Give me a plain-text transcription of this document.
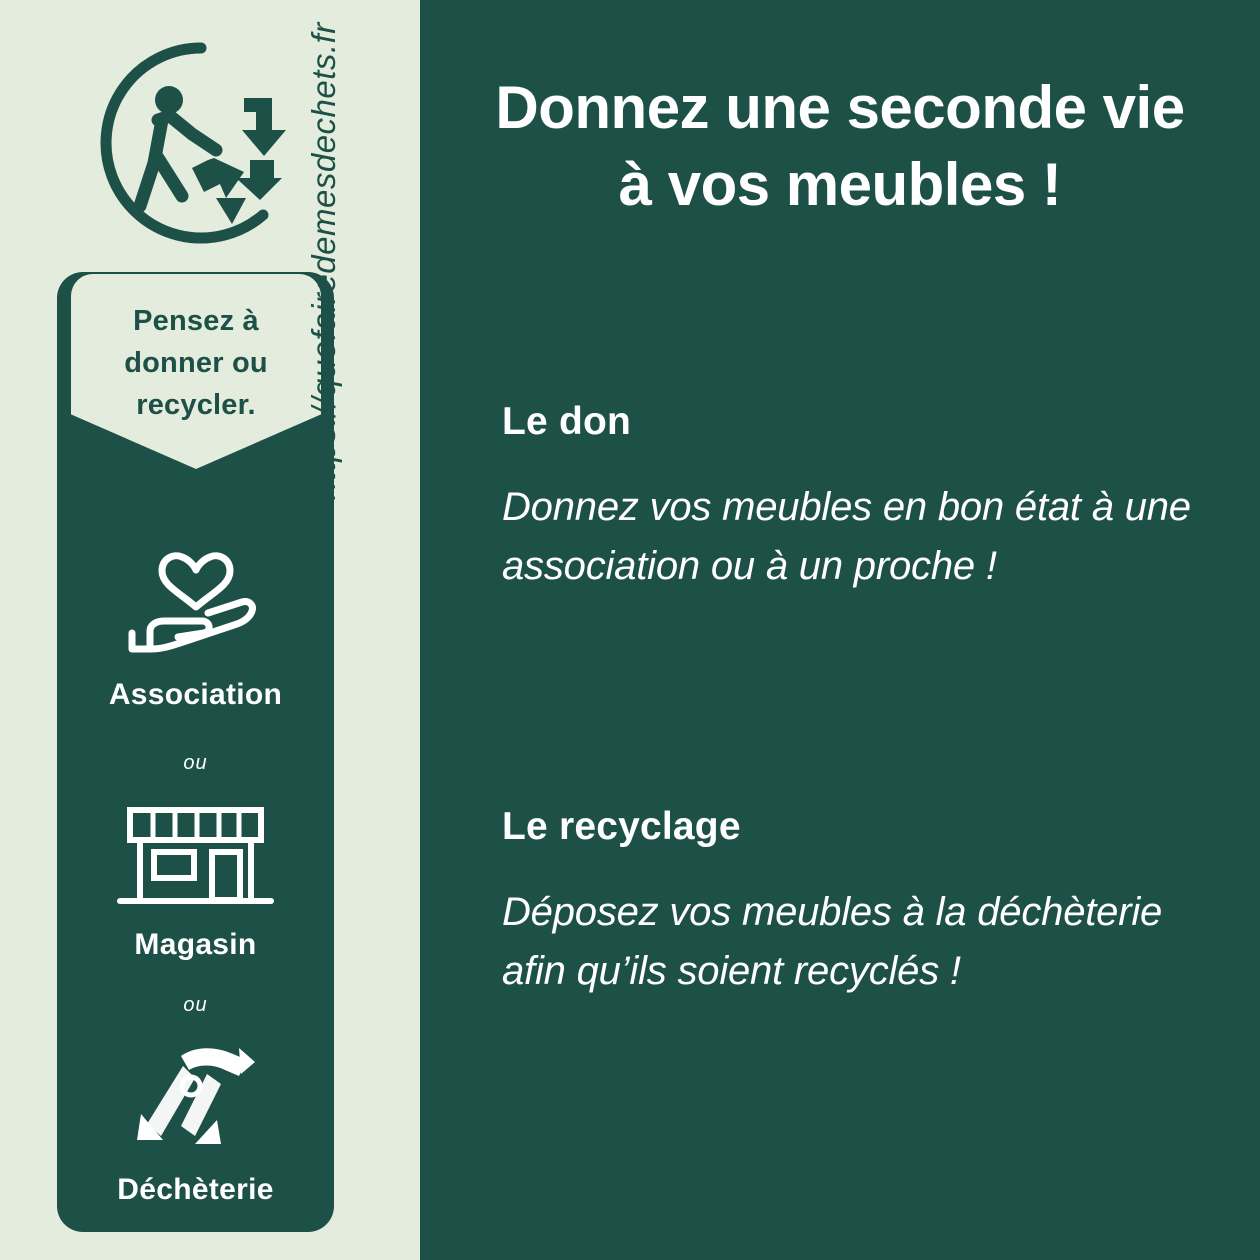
Pensez à
donner ou
recycler.
Association
ou
Magasin
ou
Déchèterie
https://quefairedemesdechets.fr	Donnez une seconde vie
à vos meubles !
Le don

Donnez vos meubles en bon état à une association ou à un proche !

Le recyclage

Déposez vos meubles à la déchèterie afin qu’ils soient recyclés !
